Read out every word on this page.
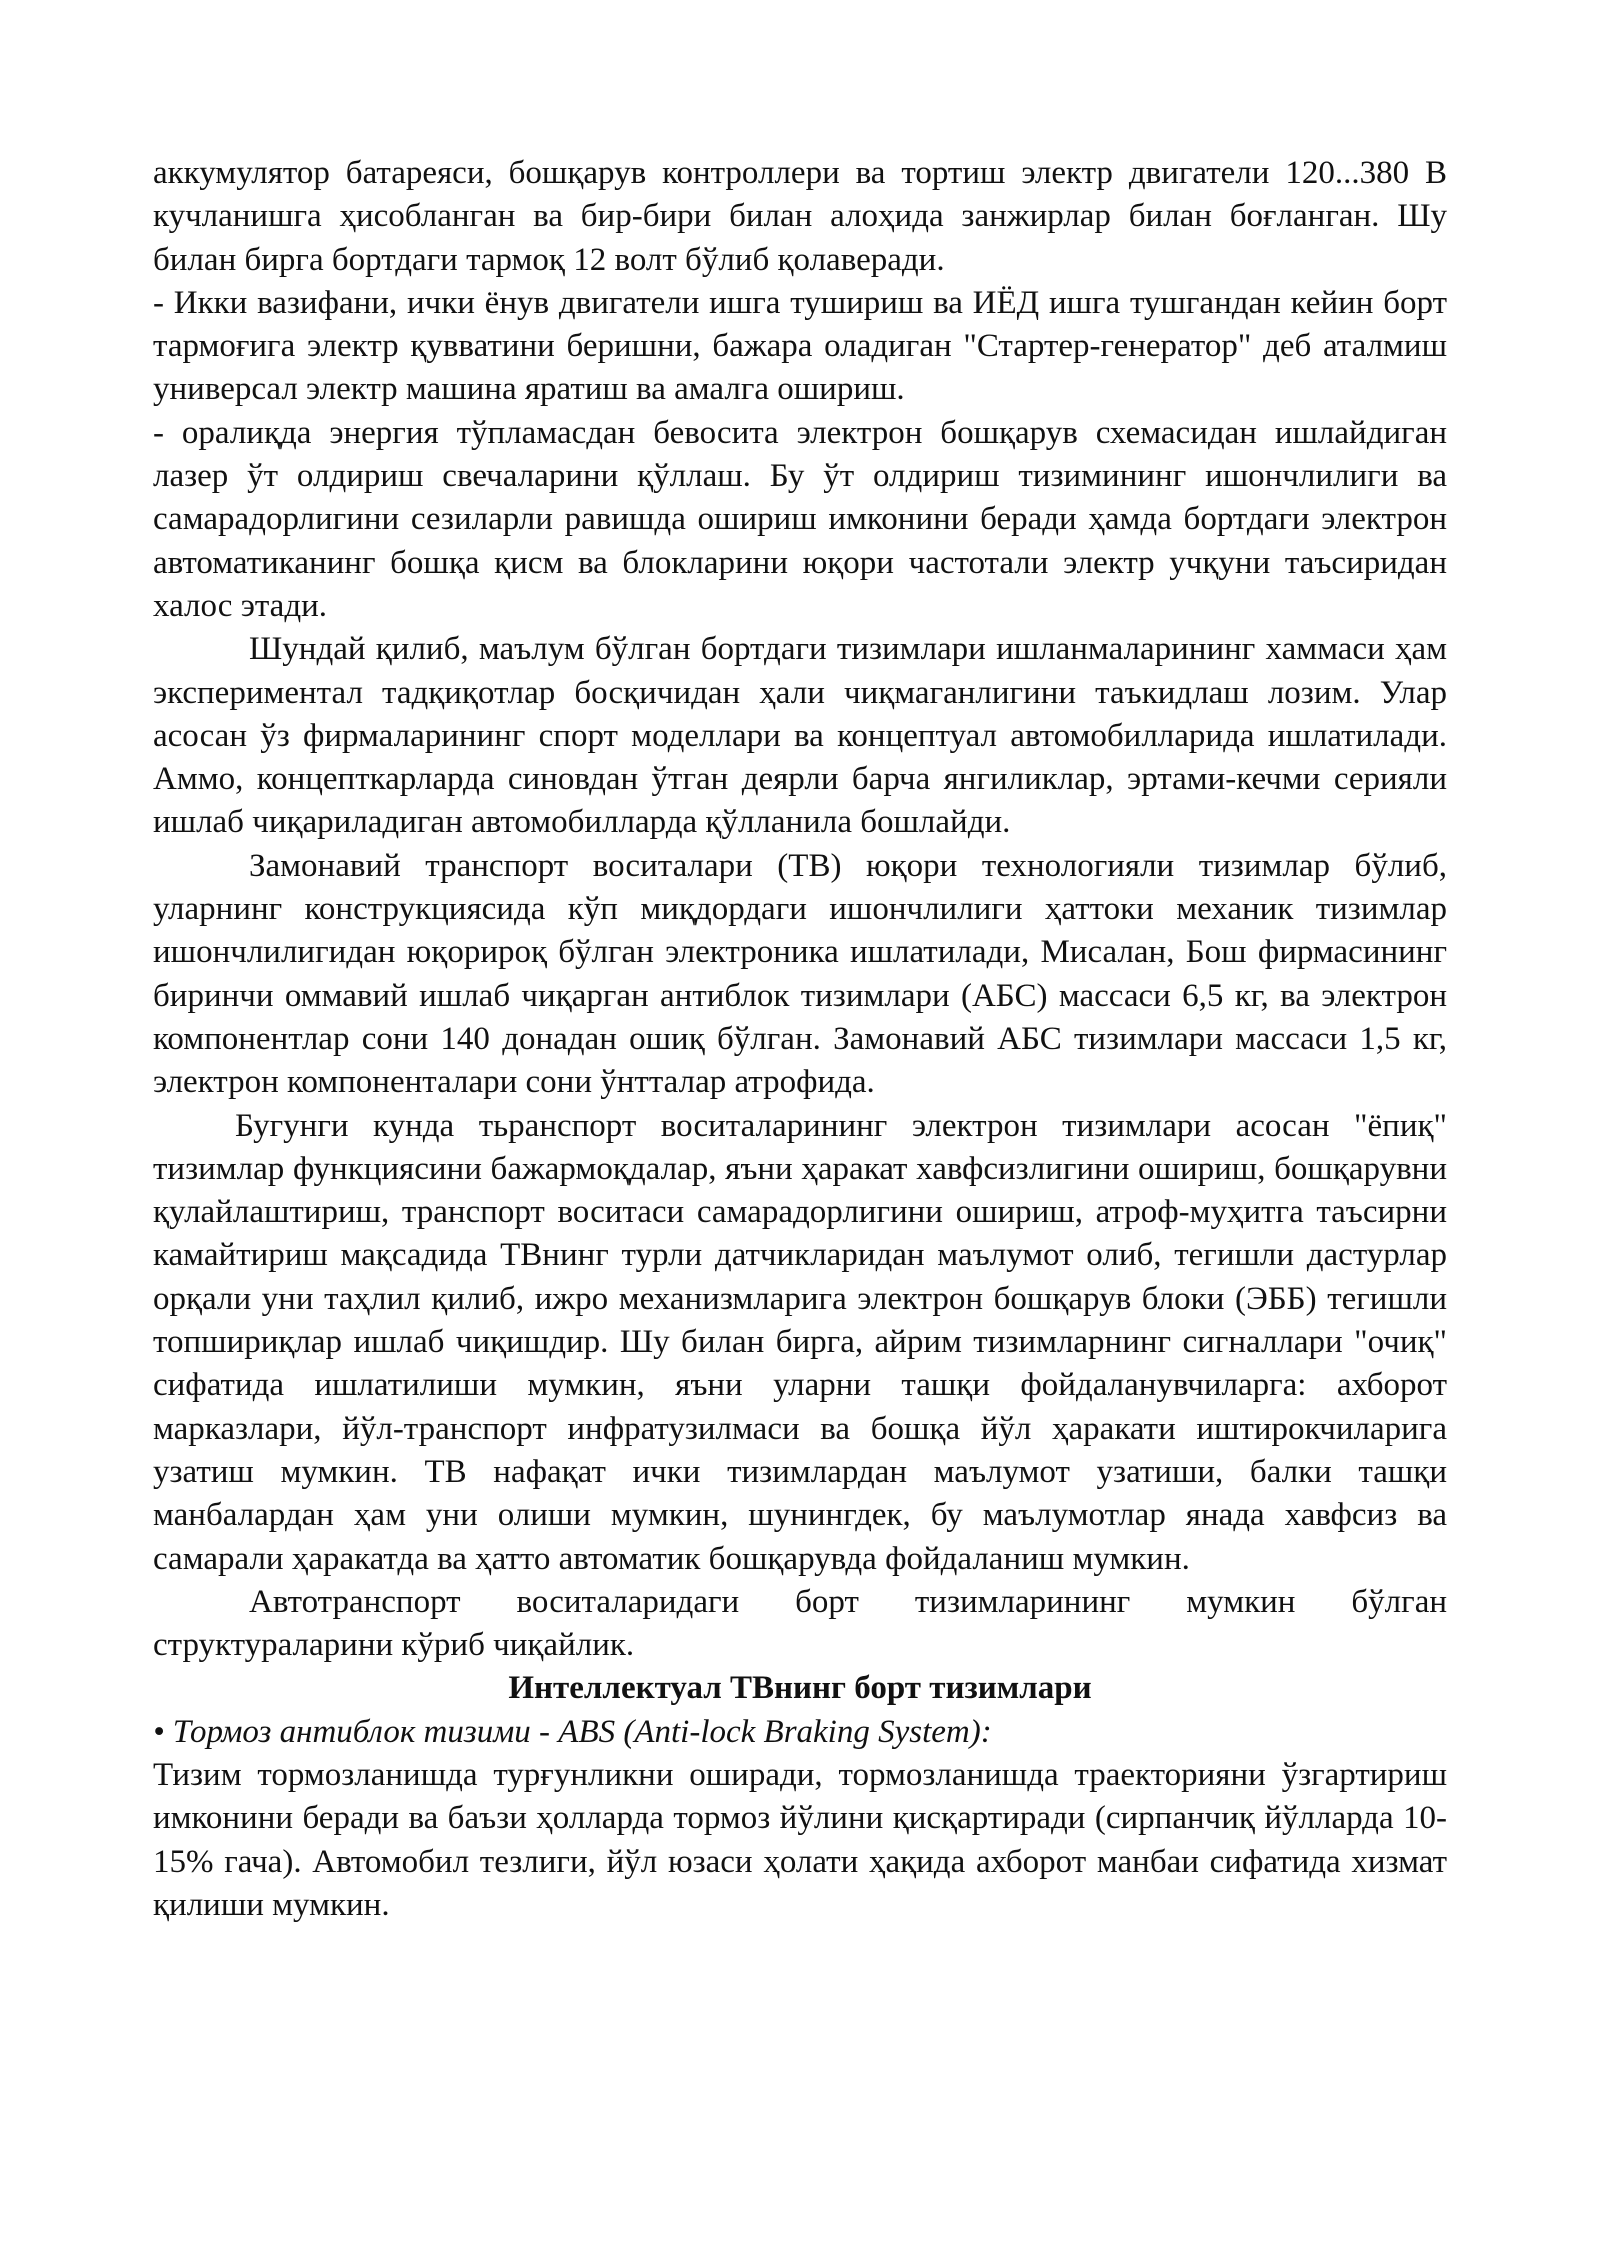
аккумулятор батареяси, бошқарув контроллери ва тортиш электр двигатели 120...380 В кучланишга ҳисобланган ва бир-бири билан алоҳида занжирлар билан боғланган. Шу билан бирга бортдаги тармоқ 12 волт бўлиб қолаверади.

- Икки вазифани, ички ёнув двигатели ишга тушириш ва ИЁД ишга тушгандан кейин борт тармоғига электр қувватини беришни, бажара оладиган "Стартер-генератор" деб аталмиш универсал электр машина яратиш ва амалга ошириш.

- оралиқда энергия тўпламасдан бевосита электрон бошқарув схемасидан ишлайдиган лазер ўт олдириш свечаларини қўллаш. Бу ўт олдириш тизимининг ишончлилиги ва самарадорлигини сезиларли равишда ошириш имконини беради ҳамда бортдаги электрон автоматиканинг бошқа қисм ва блокларини юқори частотали электр учқуни таъсиридан халос этади.

Шундай қилиб, маълум бўлган бортдаги тизимлари ишланмаларининг хаммаси ҳам экспериментал тадқиқотлар босқичидан ҳали чиқмаганлигини таъкидлаш лозим. Улар асосан ўз фирмаларининг спорт моделлари ва концептуал автомобилларида ишлатилади. Аммо, концепткарларда синовдан ўтган деярли барча янгиликлар, эртами-кечми серияли ишлаб чиқариладиган автомобилларда қўлланила бошлайди.

Замонавий транспорт воситалари (ТВ) юқори технологияли тизимлар бўлиб, уларнинг конструкциясида кўп миқдордаги ишончлилиги ҳаттоки механик тизимлар ишончлилигидан юқорироқ бўлган электроника ишлатилади, Мисалан, Бош фирмасининг биринчи оммавий ишлаб чиқарган антиблок тизимлари (АБС) массаси 6,5 кг, ва электрон компонентлар сони 140 донадан ошиқ бўлган. Замонавий АБС тизимлари массаси 1,5 кг, электрон компоненталари сони ўнтталар атрофида.

Бугунги кунда тьранспорт воситаларининг электрон тизимлари асосан "ёпиқ" тизимлар функциясини бажармоқдалар, яъни ҳаракат хавфсизлигини ошириш, бошқарувни қулайлаштириш, транспорт воситаси самарадорлигини ошириш, атроф-муҳитга таъсирни камайтириш мақсадида ТВнинг турли датчикларидан маълумот олиб, тегишли дастурлар орқали уни таҳлил қилиб, ижро механизмларига электрон бошқарув блоки (ЭББ) тегишли топшириқлар ишлаб чиқишдир. Шу билан бирга, айрим тизимларнинг сигналлари "очиқ" сифатида ишлатилиши мумкин, яъни уларни ташқи фойдаланувчиларга: ахборот марказлари, йўл-транспорт инфратузилмаси ва бошқа йўл ҳаракати иштирокчиларига узатиш мумкин. ТВ нафақат ички тизимлардан маълумот узатиши, балки ташқи манбалардан ҳам уни олиши мумкин, шунингдек, бу маълумотлар янада хавфсиз ва самарали ҳаракатда ва ҳатто автоматик бошқарувда фойдаланиш мумкин.

Автотранспорт воситаларидаги борт тизимларининг мумкин бўлган структураларини кўриб чиқайлик.

Интеллектуал ТВнинг борт тизимлари

• Тормоз антиблок тизими - ABS (Anti-lock Braking System):

Тизим тормозланишда турғунликни оширади, тормозланишда траекторияни ўзгартириш имконини беради ва баъзи ҳолларда тормоз йўлини қисқартиради (сирпанчиқ йўлларда 10-15% гача). Автомобил тезлиги, йўл юзаси ҳолати ҳақида ахборот манбаи сифатида хизмат қилиши мумкин.
